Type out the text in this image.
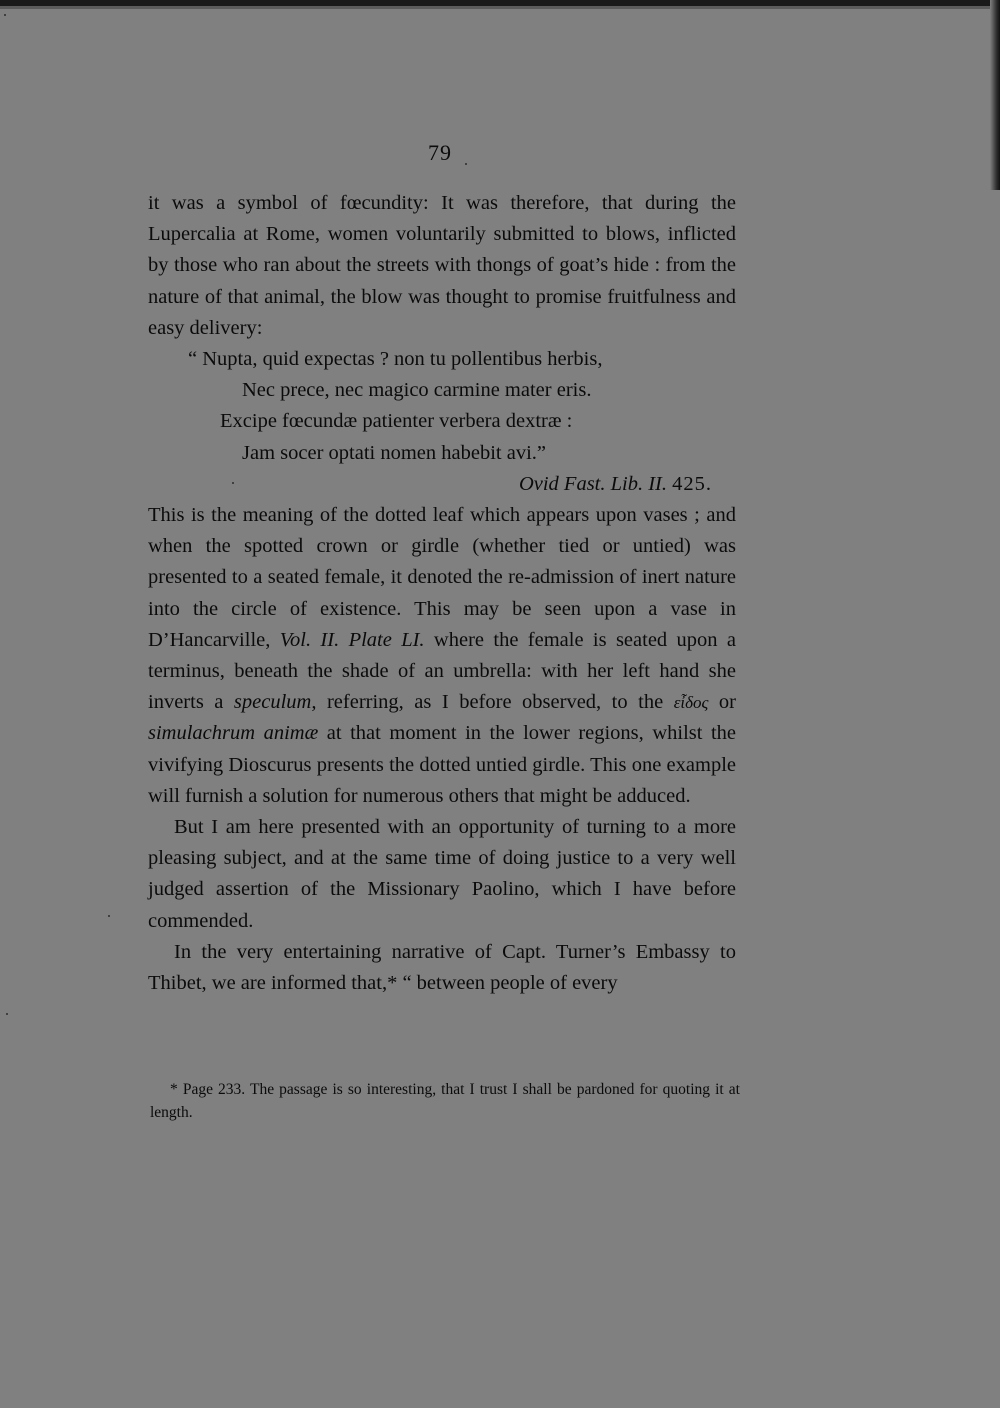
79

it was a symbol of fœcundity: It was therefore, that during the Lupercalia at Rome, women voluntarily submitted to blows, inflicted by those who ran about the streets with thongs of goat’s hide : from the nature of that animal, the blow was thought to promise fruitfulness and easy delivery:

“ Nupta, quid expectas ? non tu pollentibus herbis,
Nec prece, nec magico carmine mater eris.
Excipe fœcundæ patienter verbera dextræ :
Jam socer optati nomen habebit avi.”
Ovid Fast. Lib. II. 425.

This is the meaning of the dotted leaf which appears upon vases ; and when the spotted crown or girdle (whether tied or untied) was presented to a seated female, it denoted the re-admission of inert nature into the circle of existence. This may be seen upon a vase in D’Hancarville, Vol. II. Plate LI. where the female is seated upon a terminus, beneath the shade of an umbrella: with her left hand she inverts a speculum, referring, as I before observed, to the εἶδος or simulachrum animæ at that moment in the lower regions, whilst the vivifying Dioscurus presents the dotted untied girdle. This one example will furnish a solution for numerous others that might be adduced.

But I am here presented with an opportunity of turning to a more pleasing subject, and at the same time of doing justice to a very well judged assertion of the Missionary Paolino, which I have before commended.

In the very entertaining narrative of Capt. Turner’s Embassy to Thibet, we are informed that,* “ between people of every

* Page 233. The passage is so interesting, that I trust I shall be pardoned for quoting it at length.
